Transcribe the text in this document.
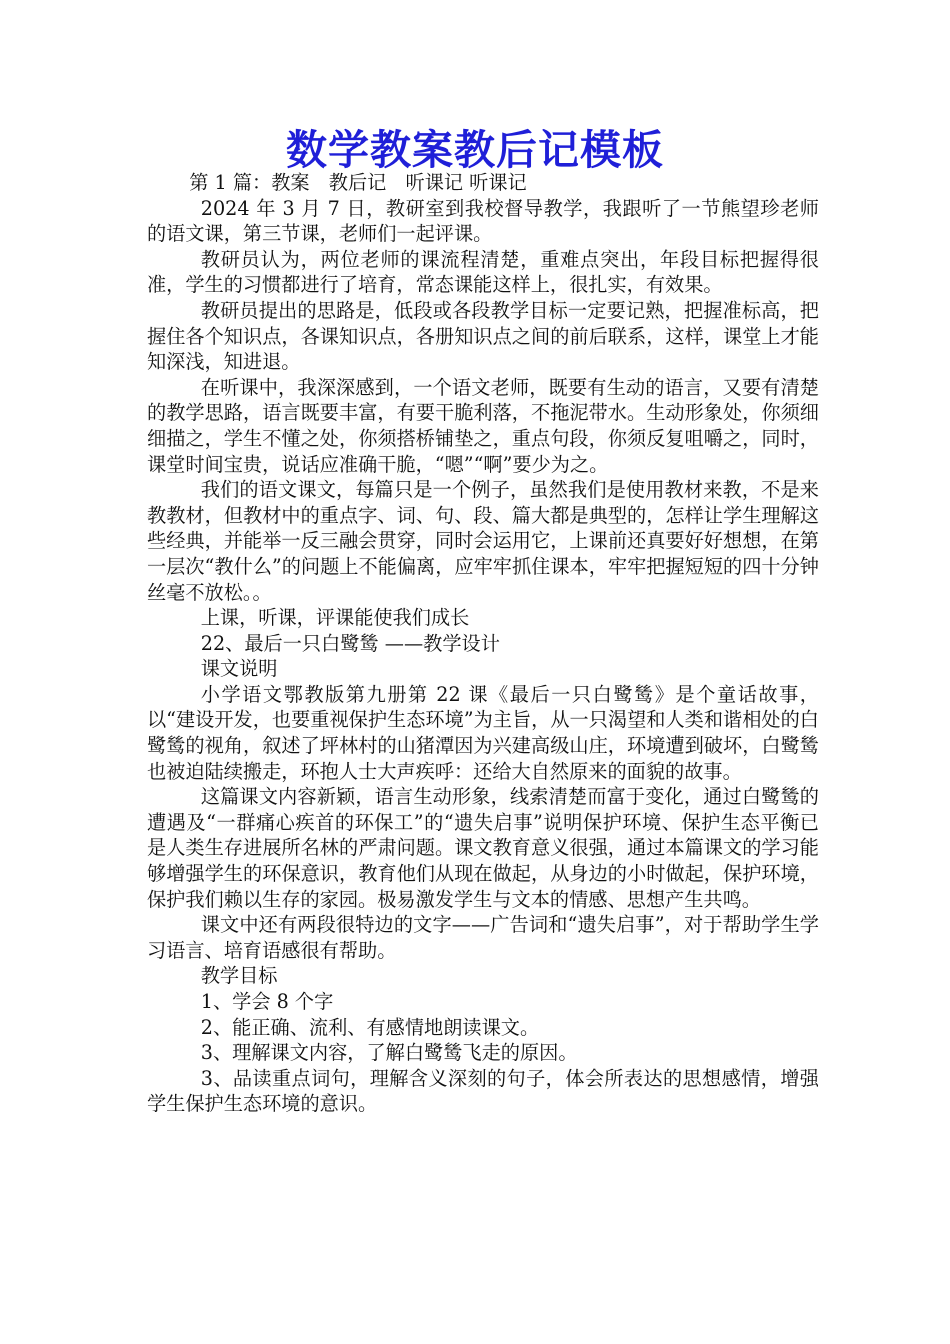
数学教案教后记模板

第 1 篇：教案　教后记　听课记 听课记

2024 年 3 月 7 日，教研室到我校督导教学，我跟听了一节熊望珍老师的语文课，第三节课，老师们一起评课。

教研员认为，两位老师的课流程清楚，重难点突出，年段目标把握得很准，学生的习惯都进行了培育，常态课能这样上，很扎实，有效果。

教研员提出的思路是，低段或各段教学目标一定要记熟，把握准标高，把握住各个知识点，各课知识点，各册知识点之间的前后联系，这样，课堂上才能知深浅，知进退。

在听课中，我深深感到，一个语文老师，既要有生动的语言，又要有清楚的教学思路，语言既要丰富，有要干脆利落，不拖泥带水。生动形象处，你须细细描之，学生不懂之处，你须搭桥铺垫之，重点句段，你须反复咀嚼之，同时，课堂时间宝贵，说话应准确干脆，“嗯”“啊”要少为之。

我们的语文课文，每篇只是一个例子，虽然我们是使用教材来教，不是来教教材，但教材中的重点字、词、句、段、篇大都是典型的，怎样让学生理解这些经典，并能举一反三融会贯穿，同时会运用它，上课前还真要好好想想，在第一层次“教什么”的问题上不能偏离，应牢牢抓住课本，牢牢把握短短的四十分钟丝毫不放松。。

上课，听课，评课能使我们成长

22、最后一只白鹭鸶 ——教学设计

课文说明

小学语文鄂教版第九册第 22 课《最后一只白鹭鸶》是个童话故事，以“建设开发，也要重视保护生态环境”为主旨，从一只渴望和人类和谐相处的白鹭鸶的视角，叙述了坪林村的山猪潭因为兴建高级山庄，环境遭到破坏，白鹭鸶也被迫陆续搬走，环抱人士大声疾呼：还给大自然原来的面貌的故事。

这篇课文内容新颖，语言生动形象，线索清楚而富于变化，通过白鹭鸶的遭遇及“一群痛心疾首的环保工”的“遗失启事”说明保护环境、保护生态平衡已是人类生存进展所名林的严肃问题。课文教育意义很强，通过本篇课文的学习能够增强学生的环保意识，教育他们从现在做起，从身边的小时做起，保护环境，保护我们赖以生存的家园。极易激发学生与文本的情感、思想产生共鸣。

课文中还有两段很特边的文字——广告词和“遗失启事”，对于帮助学生学习语言、培育语感很有帮助。

教学目标

1、学会 8 个字

2、能正确、流利、有感情地朗读课文。

3、理解课文内容，了解白鹭鸶飞走的原因。

3、品读重点词句，理解含义深刻的句子，体会所表达的思想感情，增强学生保护生态环境的意识。
